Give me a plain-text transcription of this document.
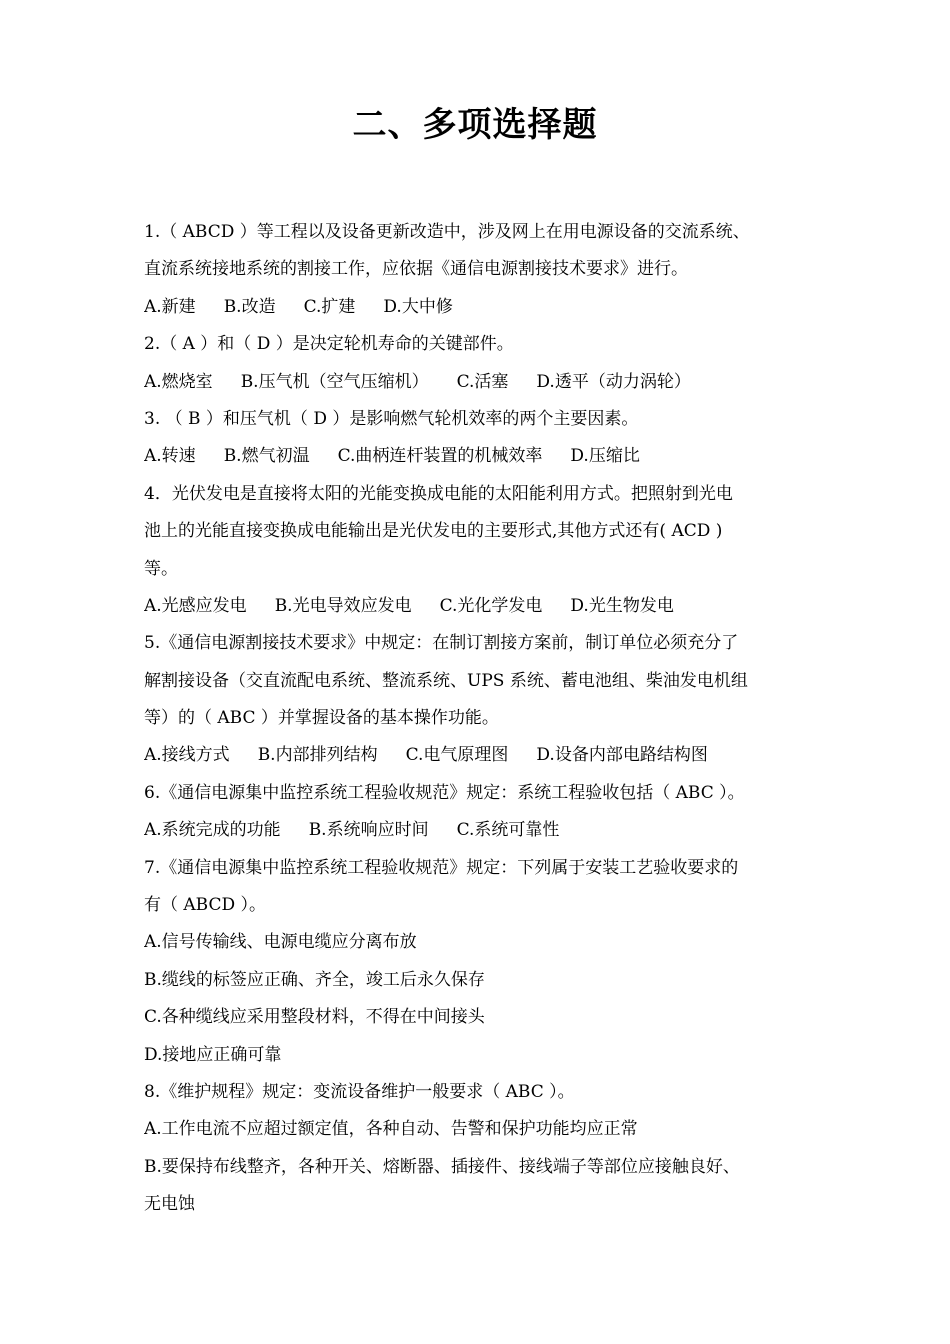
二、多项选择题
1.（ ABCD ）等工程以及设备更新改造中，涉及网上在用电源设备的交流系统、
直流系统接地系统的割接工作，应依据《通信电源割接技术要求》进行。
A.新建 B.改造 C.扩建 D.大中修
2.（ A ）和（ D ）是决定轮机寿命的关键部件。
A.燃烧室 B.压气机（空气压缩机） C.活塞 D.透平（动力涡轮）
3. （ B ）和压气机（ D ）是影响燃气轮机效率的两个主要因素。
A.转速 B.燃气初温 C.曲柄连杆装置的机械效率 D.压缩比
4．光伏发电是直接将太阳的光能变换成电能的太阳能利用方式。把照射到光电
池上的光能直接变换成电能输出是光伏发电的主要形式,其他方式还有( ACD )
等。
A.光感应发电 B.光电导效应发电 C.光化学发电 D.光生物发电
5.《通信电源割接技术要求》中规定：在制订割接方案前，制订单位必须充分了
解割接设备（交直流配电系统、整流系统、UPS 系统、蓄电池组、柴油发电机组
等）的（ ABC ）并掌握设备的基本操作功能。
A.接线方式 B.内部排列结构 C.电气原理图 D.设备内部电路结构图
6.《通信电源集中监控系统工程验收规范》规定：系统工程验收包括（ ABC ）。
A.系统完成的功能 B.系统响应时间 C.系统可靠性
7.《通信电源集中监控系统工程验收规范》规定：下列属于安装工艺验收要求的
有（ ABCD ）。
A.信号传输线、电源电缆应分离布放
B.缆线的标签应正确、齐全，竣工后永久保存
C.各种缆线应采用整段材料，不得在中间接头
D.接地应正确可靠
8.《维护规程》规定：变流设备维护一般要求（ ABC ）。
A.工作电流不应超过额定值，各种自动、告警和保护功能均应正常
B.要保持布线整齐，各种开关、熔断器、插接件、接线端子等部位应接触良好、
无电蚀
